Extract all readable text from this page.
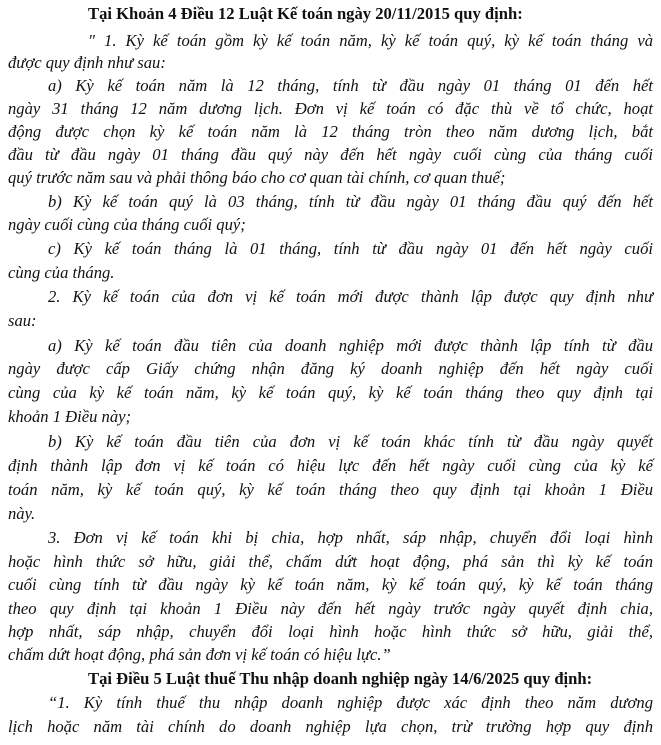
Tại Khoản 4 Điều 12 Luật Kế toán ngày 20/11/2015 quy định:
" 1. Kỳ kế toán gồm kỳ kế toán năm, kỳ kế toán quý, kỳ kế toán tháng và
được quy định như sau:
a) Kỳ kế toán năm là 12 tháng, tính từ đầu ngày 01 tháng 01 đến hết
ngày 31 tháng 12 năm dương lịch. Đơn vị kế toán có đặc thù về tổ chức, hoạt
động được chọn kỳ kế toán năm là 12 tháng tròn theo năm dương lịch, bắt
đầu từ đầu ngày 01 tháng đầu quý này đến hết ngày cuối cùng của tháng cuối
quý trước năm sau và phải thông báo cho cơ quan tài chính, cơ quan thuế;
b) Kỳ kế toán quý là 03 tháng, tính từ đầu ngày 01 tháng đầu quý đến hết
ngày cuối cùng của tháng cuối quý;
c) Kỳ kế toán tháng là 01 tháng, tính từ đầu ngày 01 đến hết ngày cuối
cùng của tháng.
2. Kỳ kế toán của đơn vị kế toán mới được thành lập được quy định như
sau:
a) Kỳ kế toán đầu tiên của doanh nghiệp mới được thành lập tính từ đầu
ngày được cấp Giấy chứng nhận đăng ký doanh nghiệp đến hết ngày cuối
cùng của kỳ kế toán năm, kỳ kế toán quý, kỳ kế toán tháng theo quy định tại
khoản 1 Điều này;
b) Kỳ kế toán đầu tiên của đơn vị kế toán khác tính từ đầu ngày quyết
định thành lập đơn vị kế toán có hiệu lực đến hết ngày cuối cùng của kỳ kế
toán năm, kỳ kế toán quý, kỳ kế toán tháng theo quy định tại khoản 1 Điều
này.
3. Đơn vị kế toán khi bị chia, hợp nhất, sáp nhập, chuyển đổi loại hình
hoặc hình thức sở hữu, giải thể, chấm dứt hoạt động, phá sản thì kỳ kế toán
cuối cùng tính từ đầu ngày kỳ kế toán năm, kỳ kế toán quý, kỳ kế toán tháng
theo quy định tại khoản 1 Điều này đến hết ngày trước ngày quyết định chia,
hợp nhất, sáp nhập, chuyển đổi loại hình hoặc hình thức sở hữu, giải thể,
chấm dứt hoạt động, phá sản đơn vị kế toán có hiệu lực.”
Tại Điều 5 Luật thuế Thu nhập doanh nghiệp ngày 14/6/2025 quy định:
“1. Kỳ tính thuế thu nhập doanh nghiệp được xác định theo năm dương
lịch hoặc năm tài chính do doanh nghiệp lựa chọn, trừ trường hợp quy định
